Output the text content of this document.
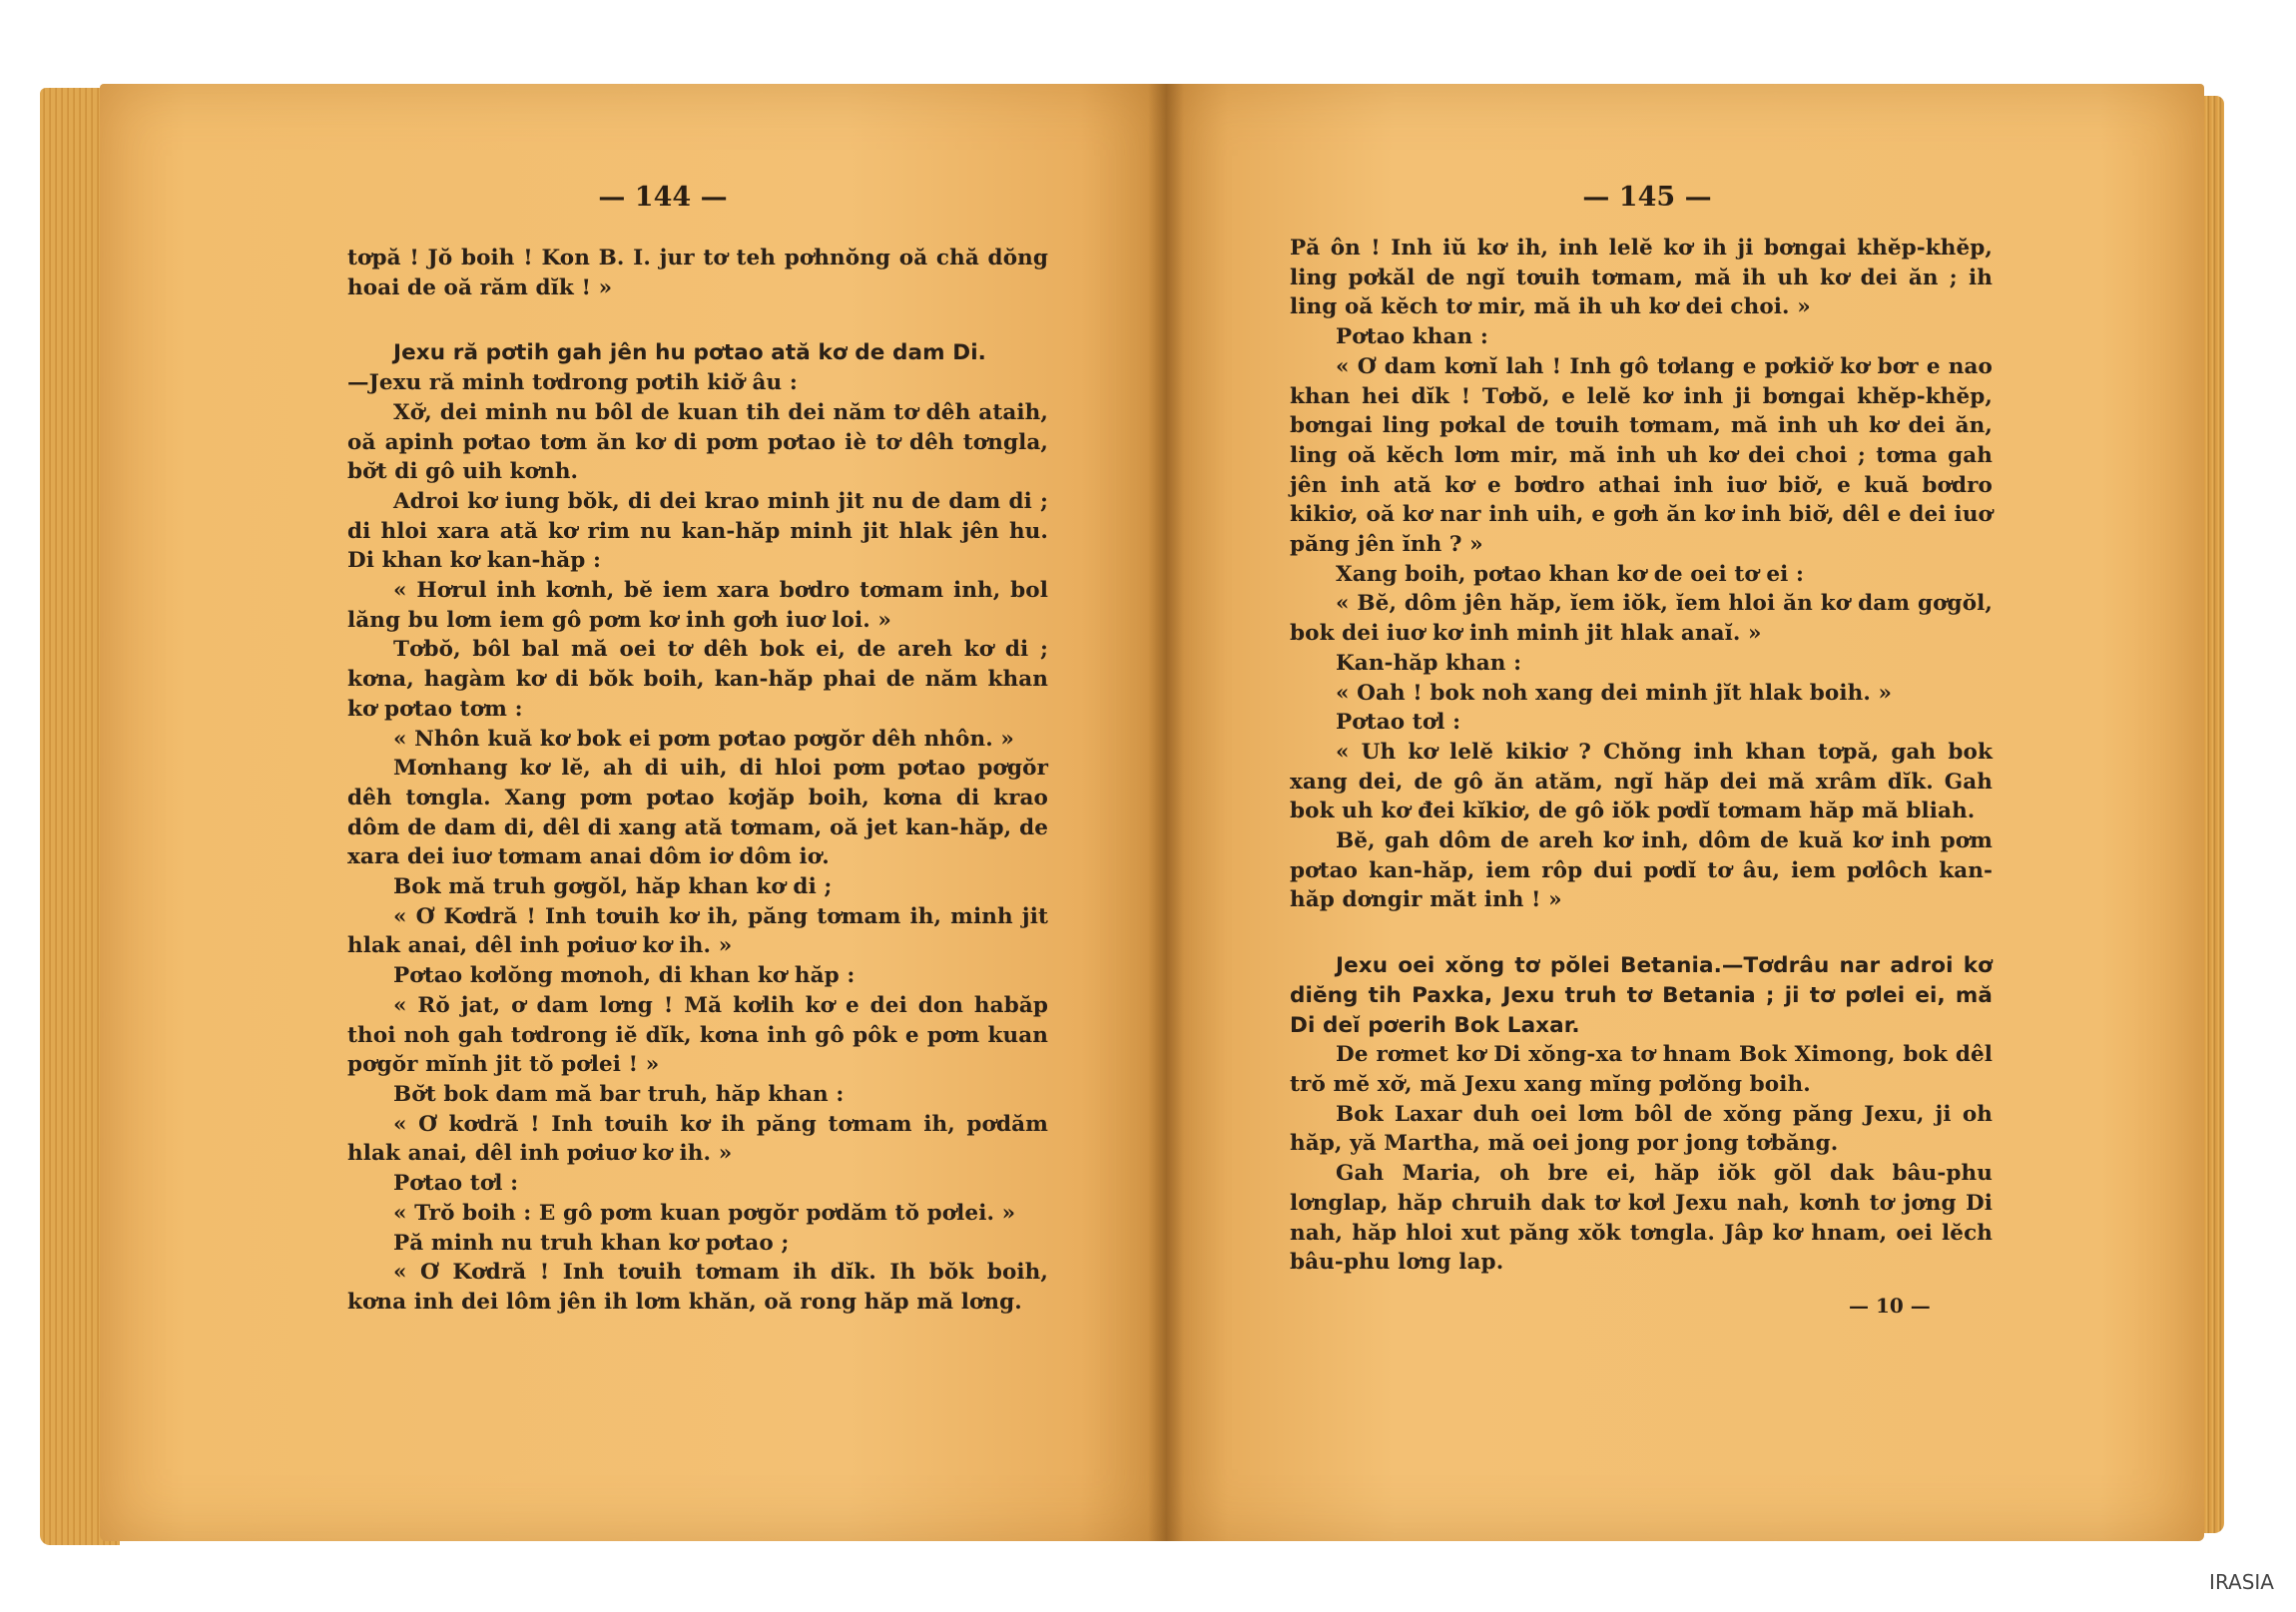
— 144 —	— 145 —

tơpă ! Jŏ boih ! Kon B. I. jur tơ teh pơhnŏng oă chă dŏng hoai de oă răm dĭk ! »

Jexu ră pơtih gah jên hu pơtao ată kơ de dam Di.

—Jexu ră minh tơdrong pơtih kiơ̆ âu :

Xơ̆, dei minh nu bôl de kuan tih dei năm tơ dêh ataih, oă apinh pơtao tơm ăn kơ di pơm pơtao iè tơ dêh tơngla, bơ̆t di gô uih kơnh.

Adroi kơ iung bŏk, di dei krao minh jit nu de dam di ; di hloi xara ată kơ rim nu kan-hăp minh jit hlak jên hu. Di khan kơ kan-hăp :

« Hơrul inh kơnh, bĕ iem xara bơdro tơmam inh, bol lăng bu lơm iem gô pơm kơ inh gơh iuơ loi. »

Tơbŏ, bôl bal mă oei tơ dêh bok ei, de areh kơ di ; kơna, hagàm kơ di bŏk boih, kan-hăp phai de năm khan kơ pơtao tơm :

« Nhôn kuă kơ bok ei pơm pơtao pơgŏr dêh nhôn. »

Mơnhang kơ lĕ, ah di uih, di hloi pơm pơtao pơgŏr dêh tơngla. Xang pơm pơtao kơjăp boih, kơna di krao dôm de dam di, dêl di xang ată tơmam, oă jet kan-hăp, de xara dei iuơ tơmam anai dôm iơ dôm iơ.

Bok mă truh gơgŏl, hăp khan kơ di ;

« Ơ Kơdră ! Inh tơuih kơ ih, păng tơmam ih, minh jit hlak anai, dêl inh pơiuơ kơ ih. »

Pơtao kơlŏng mơnoh, di khan kơ hăp :

« Rŏ jat, ơ dam lơng ! Mă kơlih kơ e dei don habăp thoi noh gah tơdrong iĕ dĭk, kơna inh gô pôk e pơm kuan pơgŏr mĭnh jit tŏ pơlei ! »

Bơ̆t bok dam mă bar truh, hăp khan :

« Ơ kơdră ! Inh tơuih kơ ih păng tơmam ih, pơdăm hlak anai, dêl inh pơiuơ kơ ih. »

Pơtao tơl :

« Trŏ boih : E gô pơm kuan pơgŏr pơdăm tŏ pơlei. »

Pă minh nu truh khan kơ pơtao ;

« Ơ Kơdră ! Inh tơuih tơmam ih dĭk. Ih bŏk boih, kơna inh dei lôm jên ih lơm khăn, oă rong hăp mă lơng.

Pă ôn ! Inh iŭ kơ ih, inh lelĕ kơ ih ji bơngai khĕp-khĕp, ling pơkăl de ngĭ tơuih tơmam, mă ih uh kơ dei ăn ; ih ling oă kĕch tơ mir, mă ih uh kơ dei choi. »

Pơtao khan :

« Ơ dam kơnĭ lah ! Inh gô tơlang e pơkiơ̆ kơ bơr e nao khan hei dĭk ! Tơbŏ, e lelĕ kơ inh ji bơngai khĕp-khĕp, bơngai ling pơkal de tơuih tơmam, mă inh uh kơ dei ăn, ling oă kĕch lơm mir, mă inh uh kơ dei choi ; tơma gah jên inh ată kơ e bơdro athai inh iuơ biơ̆, e kuă bơdro kikiơ, oă kơ nar inh uih, e gơh ăn kơ inh biơ̆, dêl e dei iuơ păng jên ĭnh ? »

Xang boih, pơtao khan kơ de oei tơ ei :

« Bĕ, dôm jên hăp, ĭem iŏk, ĭem hloi ăn kơ dam gơgŏl, bok dei iuơ kơ inh minh jit hlak anaĭ. »

Kan-hăp khan :

« Oah ! bok noh xang dei minh jĭt hlak boih. »

Pơtao tơl :

« Uh kơ lelĕ kikiơ ? Chŏng inh khan tơpă, gah bok xang dei, de gô ăn atăm, ngĭ hăp dei mă xrâm dĭk. Gah bok uh kơ đei kĭkiơ, de gô iŏk pơdĭ tơmam hăp mă bliah.

Bĕ, gah dôm de areh kơ inh, dôm de kuă kơ inh pơm pơtao kan-hăp, iem rôp dui pơdĭ tơ âu, iem pơlôch kan-hăp dơngir măt inh ! »

Jexu oei xŏng tơ pŏlei Betania.—Tơdrâu nar adroi kơ diĕng tih Paxka, Jexu truh tơ Betania ; ji tơ pơlei ei, mă Di deĭ pơerih Bok Laxar.

De rơmet kơ Di xŏng-xa tơ hnam Bok Ximong, bok dêl trŏ mĕ xơ̆, mă Jexu xang mĭng pơlŏng boih.

Bok Laxar duh oei lơm bôl de xŏng păng Jexu, ji oh hăp, yă Martha, mă oei jong por jong tơbăng.

Gah Maria, oh bre ei, hăp iŏk gŏl dak bâu-phu lơnglap, hăp chruih dak tơ kơl Jexu nah, kơnh tơ jơng Di nah, hăp hloi xut păng xŏk tơngla. Jâp kơ hnam, oei lĕch bâu-phu lơng lap.

— 10 —
IRASIA
